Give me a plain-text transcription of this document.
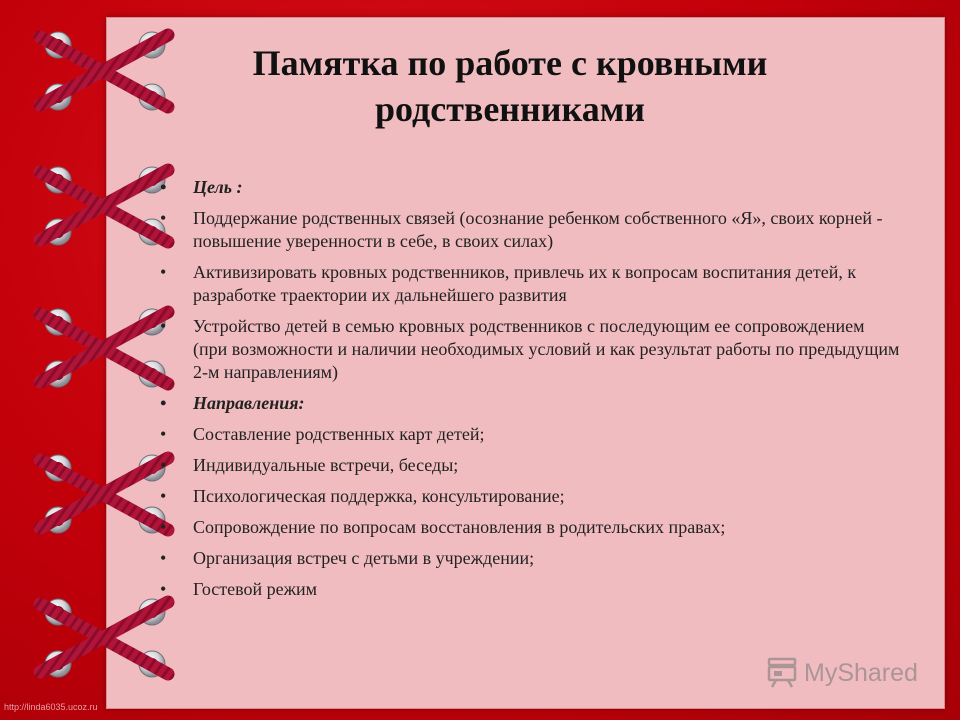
Памятка по работе с кровными
родственниками
• Цель :
• Поддержание родственных связей (осознание ребенком собственного «Я», своих корней - повышение уверенности в себе, в своих силах)
• Активизировать кровных родственников, привлечь их к вопросам воспитания детей, к разработке траектории их дальнейшего развития
• Устройство детей в семью кровных родственников с последующим ее сопровождением (при возможности и наличии необходимых условий и как результат работы по предыдущим 2-м направлениям)
• Направления:
• Составление родственных карт детей;
• Индивидуальные встречи, беседы;
• Психологическая поддержка, консультирование;
• Сопровождение по вопросам восстановления в родительских правах;
• Организация встреч с детьми в учреждении;
• Гостевой режим
MyShared
http://linda6035.ucoz.ru
